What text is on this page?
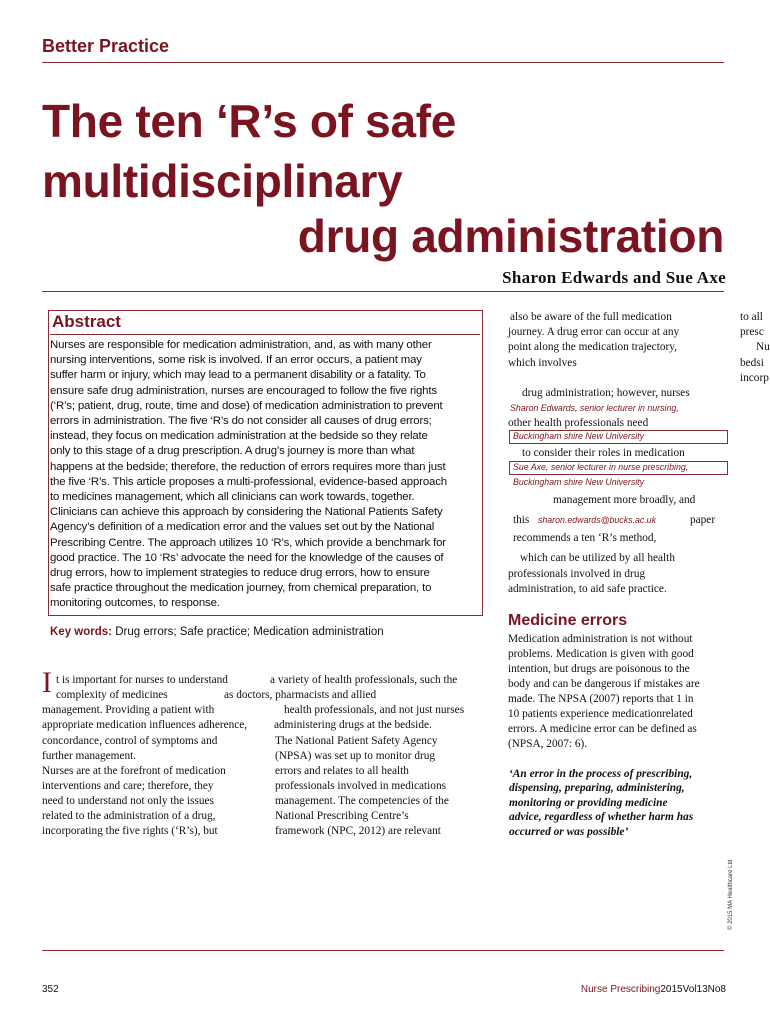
Better Practice
The ten ‘R’s of safe
multidisciplinary
drug administration
Sharon Edwards and Sue Axe
Abstract
Nurses are responsible for medication administration, and, as with many other
nursing interventions, some risk is involved. If an error occurs, a patient may
suffer harm or injury, which may lead to a permanent disability or a fatality. To
ensure safe drug administration, nurses are encouraged to follow the five rights
(‘R’s; patient, drug, route, time and dose) of medication administration to prevent
errors in administration. The five ‘R’s do not consider all causes of drug errors;
instead, they focus on medication administration at the bedside so they relate
only to this stage of a drug prescription. A drug’s journey is more than what
happens at the bedside; therefore, the reduction of errors requires more than just
the five ‘R’s. This article proposes a multi-professional, evidence-based approach
to medicines management, which all clinicians can work towards, together.
Clinicians can achieve this approach by considering the National Patients Safety
Agency’s definition of a medication error and the values set out by the National
Prescribing Centre. The approach utilizes 10 ‘R’s, which provide a benchmark for
good practice. The 10 ‘Rs’ advocate the need for the knowledge of the causes of
drug errors, how to implement strategies to reduce drug errors, how to ensure
safe practice throughout the medication journey, from chemical preparation, to
monitoring outcomes, to response.
Key words: Drug errors; Safe practice; Medication administration
I t is important for nurses to understand
complexity of medicines
management. Providing a patient with
appropriate medication influences adherence,
concordance, control of symptoms and
further management.
Nurses are at the forefront of medication
interventions and care; therefore, they
need to understand not only the issues
related to the administration of a drug,
incorporating the five rights (‘R’s), but
a variety of health professionals, such the
as doctors, pharmacists and allied
health professionals, and not just nurses
administering drugs at the bedside.
The National Patient Safety Agency
(NPSA) was set up to monitor drug
errors and relates to all health
professionals involved in medications
management. The competencies of the
National Prescribing Centre’s
framework (NPC, 2012) are relevant
also be aware of the full medication
journey. A drug error can occur at any
point along the medication trajectory,
which involves
drug administration; however, nurses
other health professionals need
to consider their roles in medication
management more broadly, and
this	paper
recommends a ten ‘R’s method,
which can be utilized by all health
professionals involved in drug
administration, to aid safe practice.
Sharon Edwards, senior lecturer in nursing,
Buckingham shire New University
Sue Axe, senior lecturer in nurse prescribing,
Buckingham shire New University
sharon.edwards@bucks.ac.uk
Medicine errors
Medication administration is not without
problems. Medication is given with good
intention, but drugs are poisonous to the
body and can be dangerous if mistakes are
made. The NPSA (2007) reports that 1 in
10 patients experience medicationrelated
errors. A medicine error can be defined as
(NPSA, 2007: 6).
‘An error in the process of prescribing,
dispensing, preparing, administering,
monitoring or providing medicine
advice, regardless of whether harm has
occurred or was possible’
to all
presc
Nu
bedsi
incorp
© 2015 MA Healthcare Ltd
352	Nurse Prescribing2015Vol13No8
